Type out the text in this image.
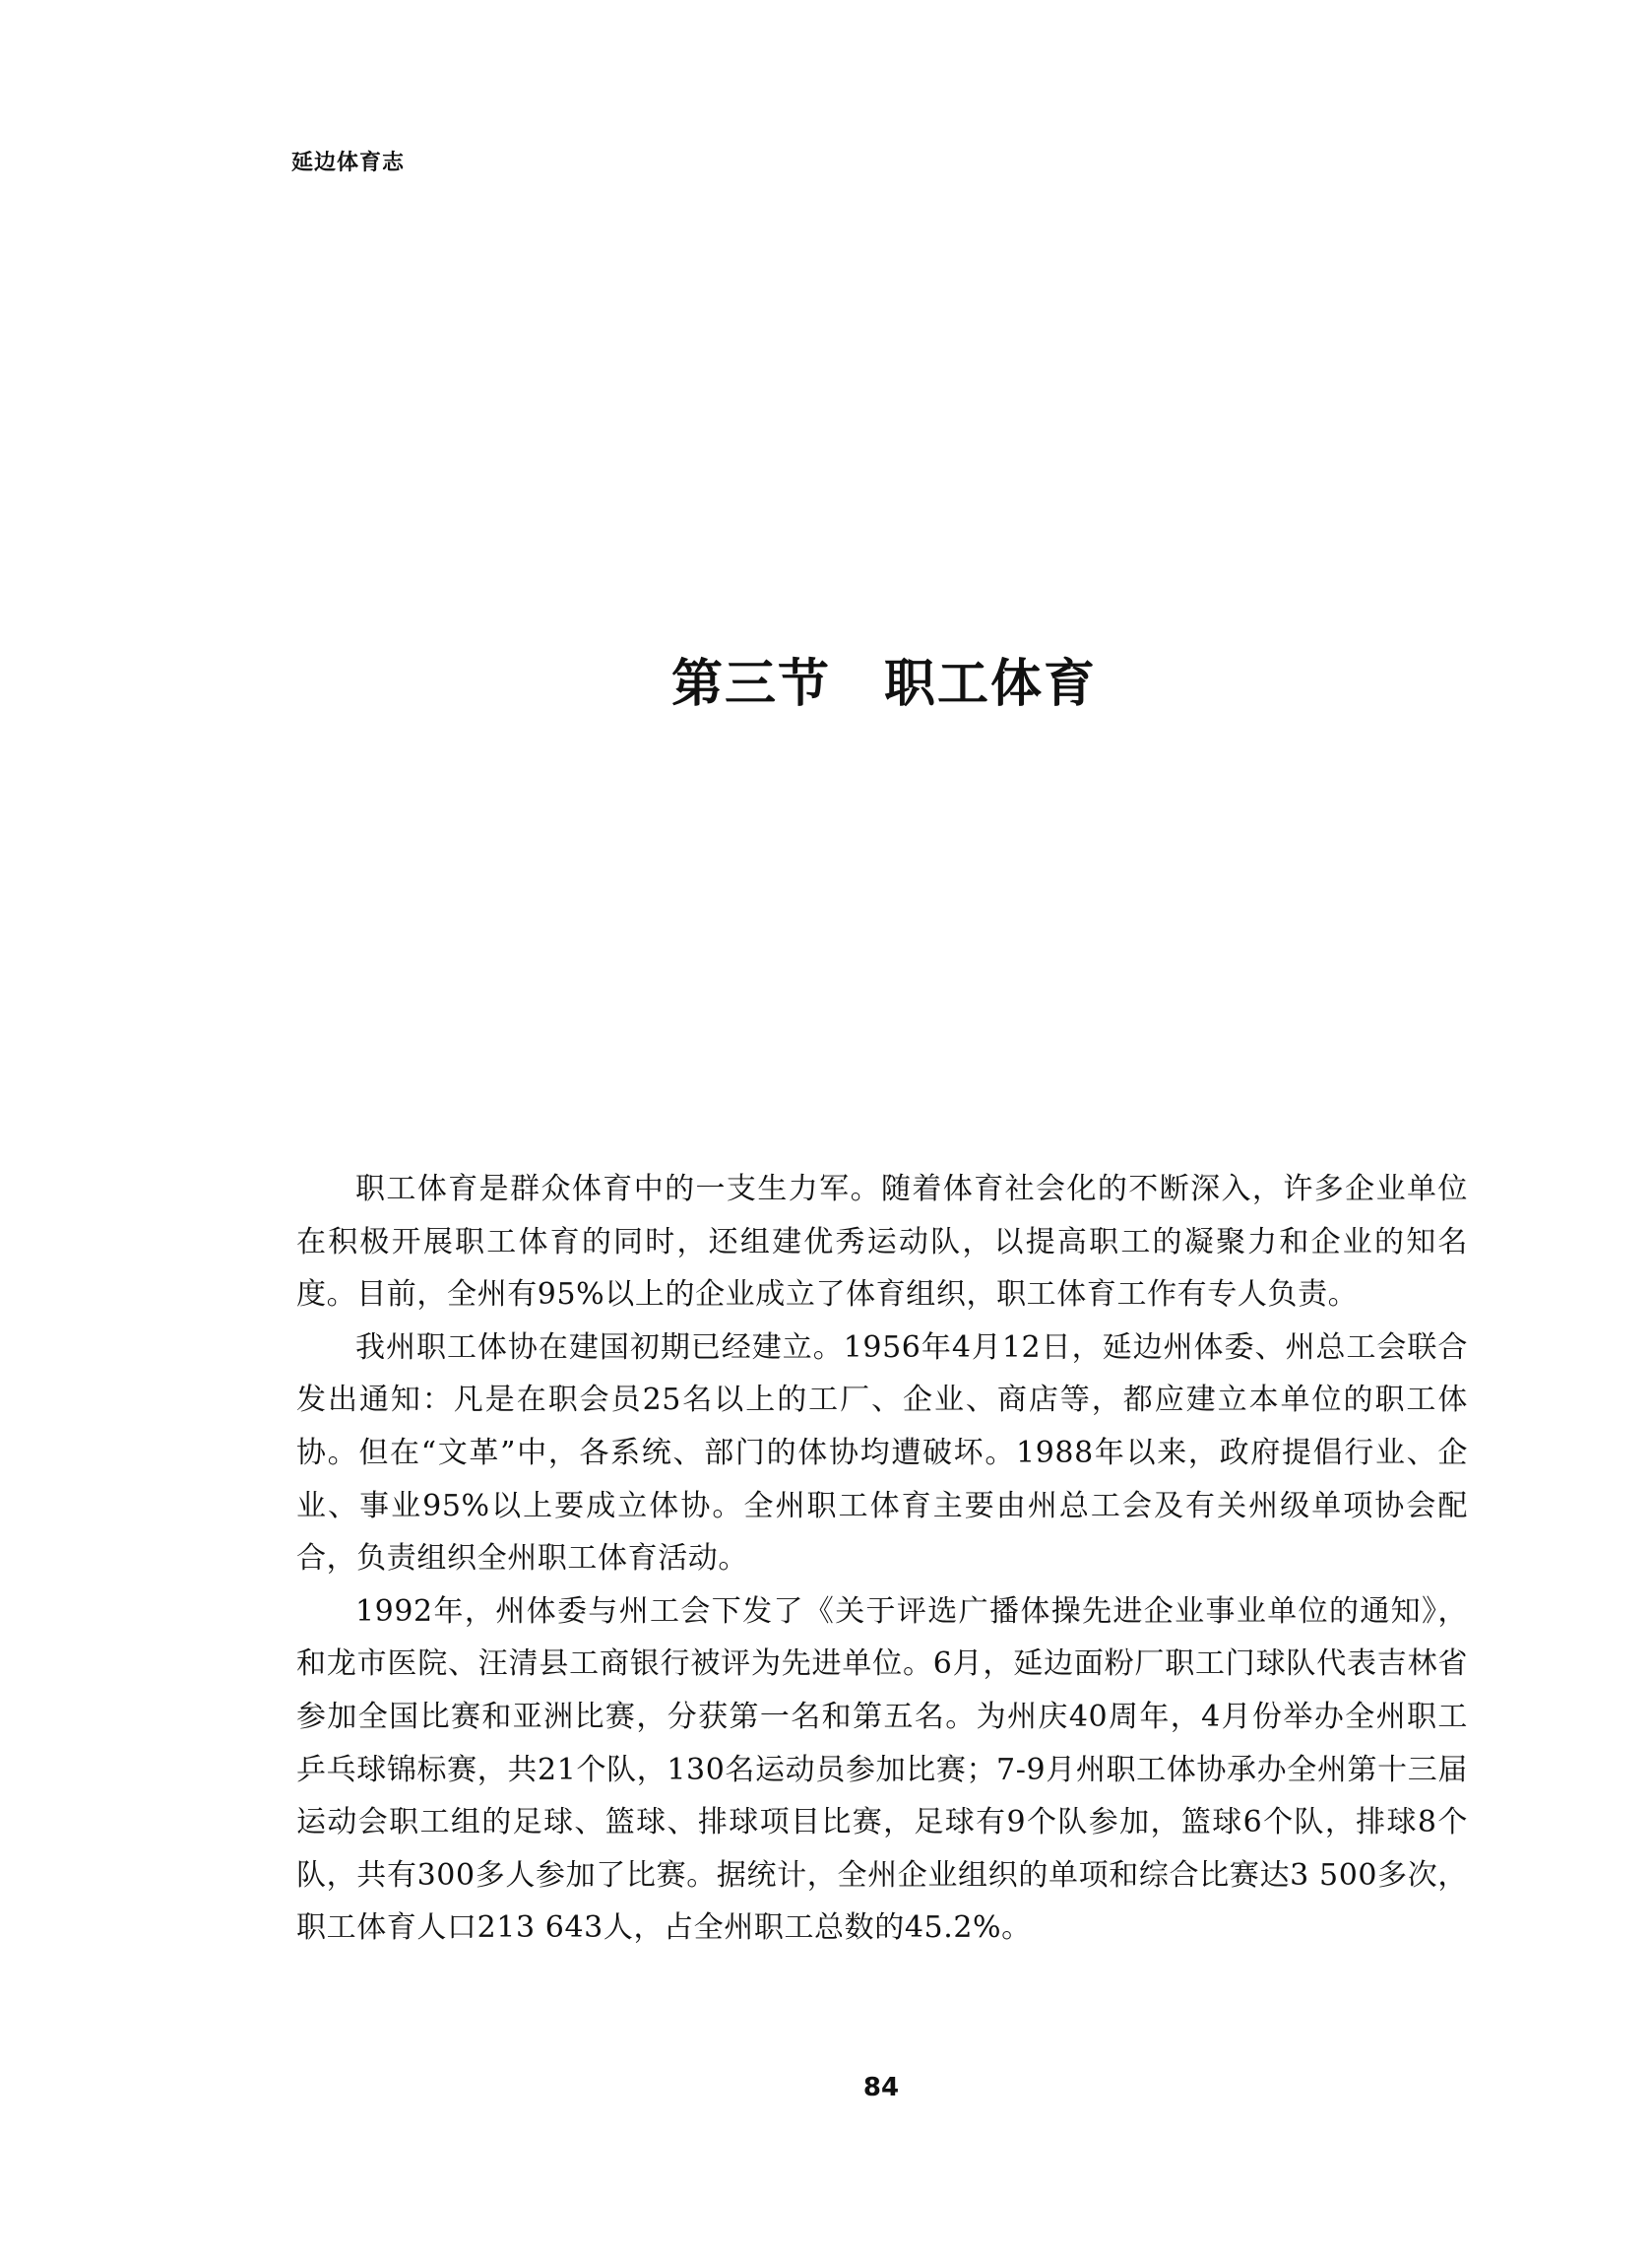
延边体育志
第三节　职工体育

职工体育是群众体育中的一支生力军。随着体育社会化的不断深入，许多企业单位在积极开展职工体育的同时，还组建优秀运动队，以提高职工的凝聚力和企业的知名度。目前，全州有95%以上的企业成立了体育组织，职工体育工作有专人负责。

我州职工体协在建国初期已经建立。1956年4月12日，延边州体委、州总工会联合发出通知：凡是在职会员25名以上的工厂、企业、商店等，都应建立本单位的职工体协。但在“文革”中，各系统、部门的体协均遭破坏。1988年以来，政府提倡行业、企业、事业95%以上要成立体协。全州职工体育主要由州总工会及有关州级单项协会配合，负责组织全州职工体育活动。

1992年，州体委与州工会下发了《关于评选广播体操先进企业事业单位的通知》，和龙市医院、汪清县工商银行被评为先进单位。6月，延边面粉厂职工门球队代表吉林省参加全国比赛和亚洲比赛，分获第一名和第五名。为州庆40周年，4月份举办全州职工乒乓球锦标赛，共21个队，130名运动员参加比赛；7-9月州职工体协承办全州第十三届运动会职工组的足球、篮球、排球项目比赛，足球有9个队参加，篮球6个队，排球8个队，共有300多人参加了比赛。据统计，全州企业组织的单项和综合比赛达3 500多次，职工体育人口213 643人，占全州职工总数的45.2%。

84
